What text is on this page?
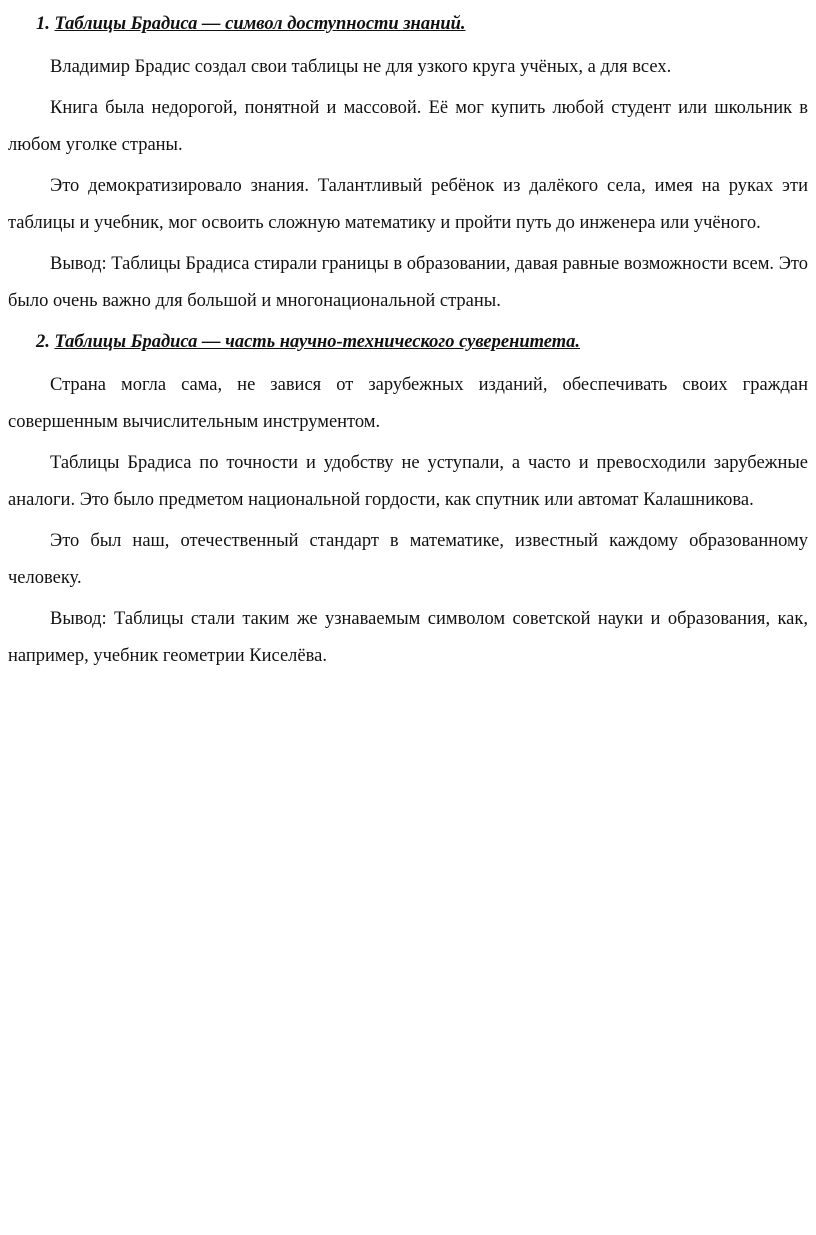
1. Таблицы Брадиса — символ доступности знаний.

Владимир Брадис создал свои таблицы не для узкого круга учёных, а для всех.

Книга была недорогой, понятной и массовой. Её мог купить любой студент или школьник в любом уголке страны.

Это демократизировало знания. Талантливый ребёнок из далёкого села, имея на руках эти таблицы и учебник, мог освоить сложную математику и пройти путь до инженера или учёного.

Вывод: Таблицы Брадиса стирали границы в образовании, давая равные возможности всем. Это было очень важно для большой и многонациональной страны.

2. Таблицы Брадиса — часть научно-технического суверенитета.

Страна могла сама, не завися от зарубежных изданий, обеспечивать своих граждан совершенным вычислительным инструментом.

Таблицы Брадиса по точности и удобству не уступали, а часто и превосходили зарубежные аналоги. Это было предметом национальной гордости, как спутник или автомат Калашникова.

Это был наш, отечественный стандарт в математике, известный каждому образованному человеку.

Вывод: Таблицы стали таким же узнаваемым символом советской науки и образования, как, например, учебник геометрии Киселёва.
